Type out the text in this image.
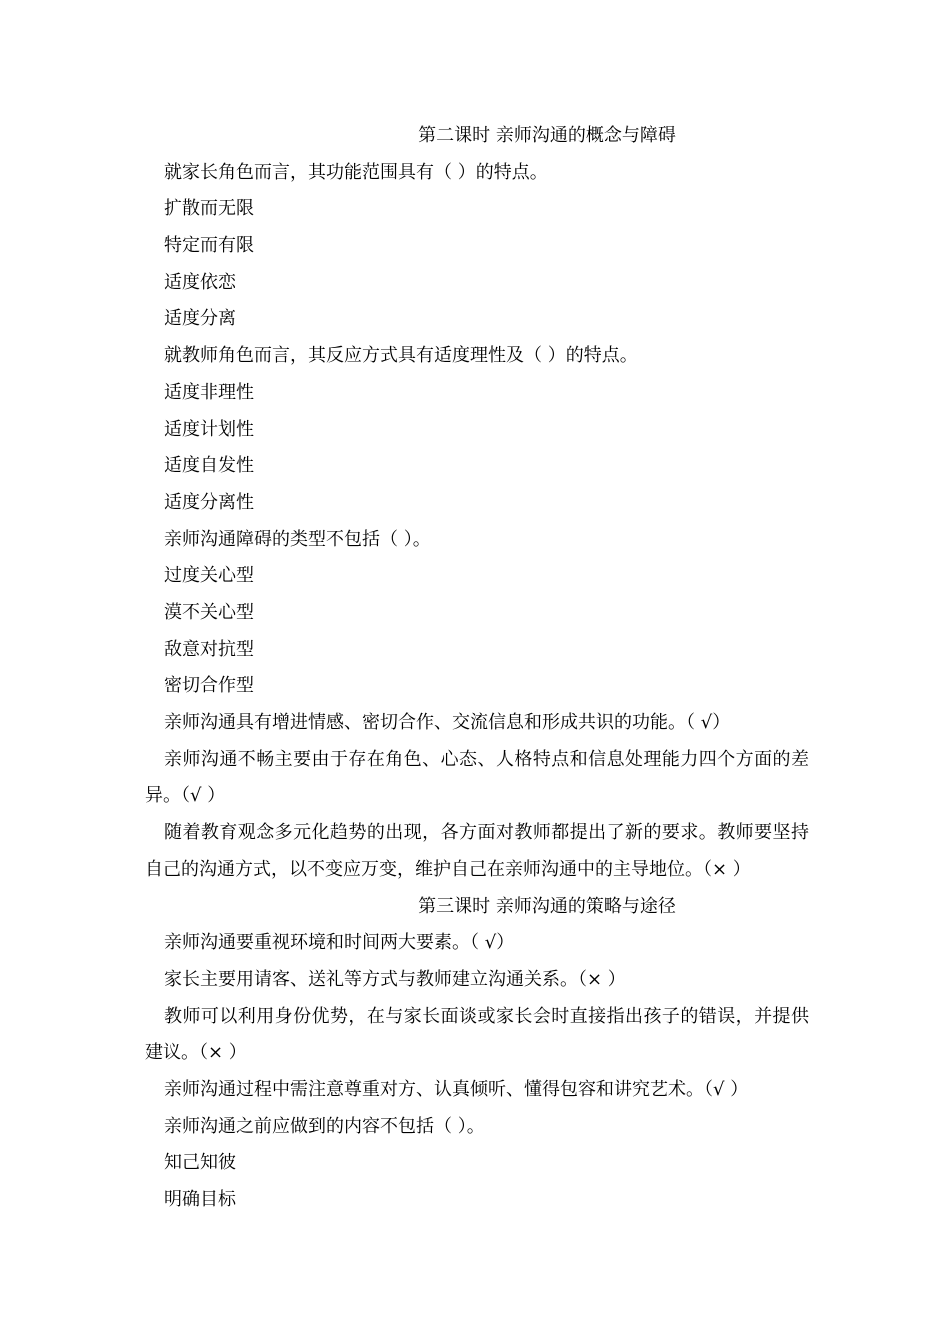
第二课时 亲师沟通的概念与障碍
就家长角色而言，其功能范围具有（ ）的特点。
扩散而无限
特定而有限
适度依恋
适度分离
就教师角色而言，其反应方式具有适度理性及（ ）的特点。
适度非理性
适度计划性
适度自发性
适度分离性
亲师沟通障碍的类型不包括（ ）。
过度关心型
漠不关心型
敌意对抗型
密切合作型
亲师沟通具有增进情感、密切合作、交流信息和形成共识的功能。（ √）
亲师沟通不畅主要由于存在角色、心态、人格特点和信息处理能力四个方面的差异。（√ ）
随着教育观念多元化趋势的出现，各方面对教师都提出了新的要求。教师要坚持自己的沟通方式，以不变应万变，维护自己在亲师沟通中的主导地位。（× ）
第三课时 亲师沟通的策略与途径
亲师沟通要重视环境和时间两大要素。（ √）
家长主要用请客、送礼等方式与教师建立沟通关系。（× ）
教师可以利用身份优势，在与家长面谈或家长会时直接指出孩子的错误，并提供建议。（× ）
亲师沟通过程中需注意尊重对方、认真倾听、懂得包容和讲究艺术。（√ ）
亲师沟通之前应做到的内容不包括（ ）。
知己知彼
明确目标
